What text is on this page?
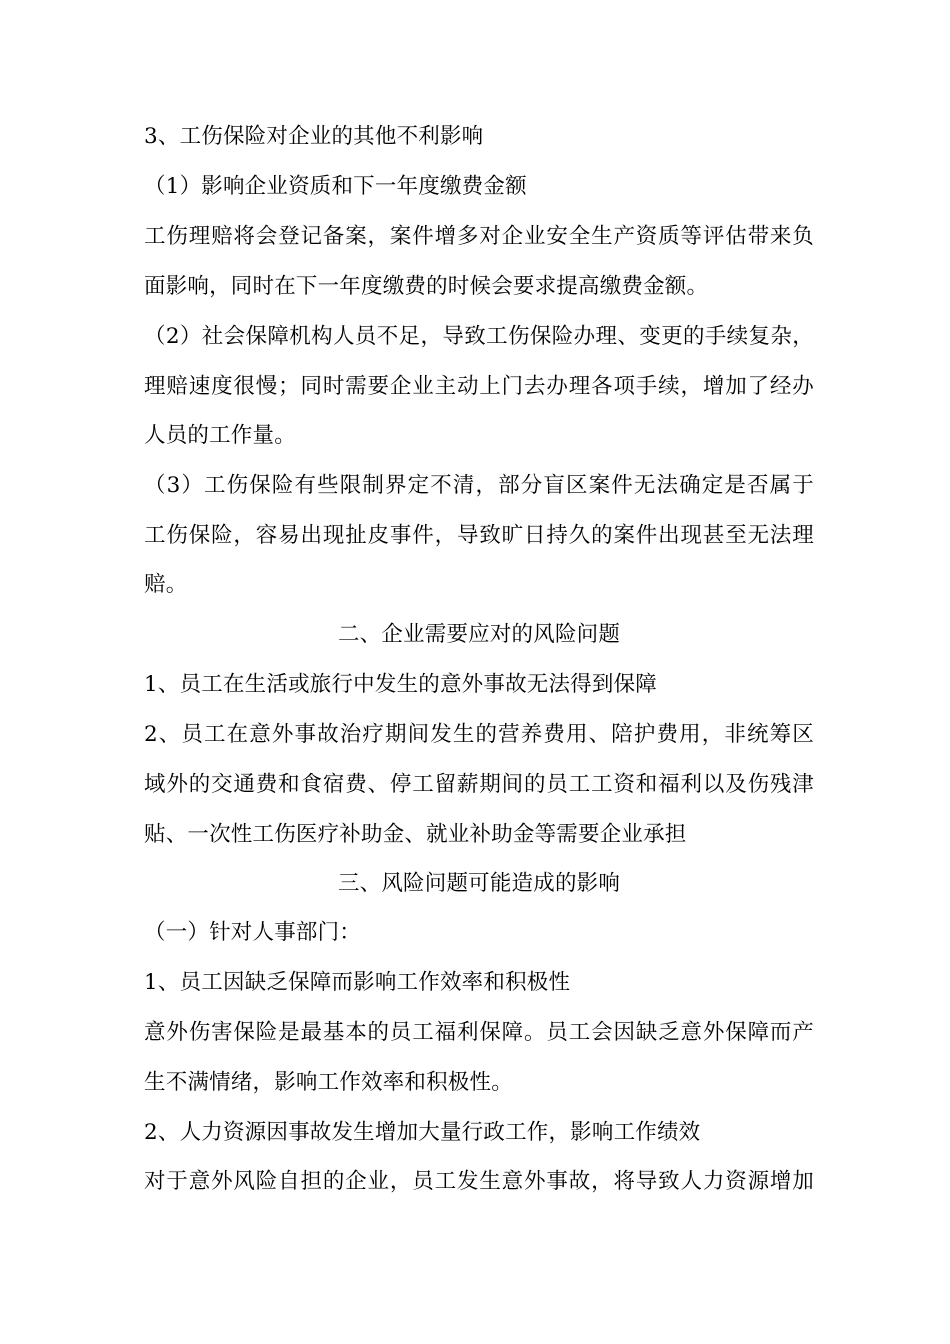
3、工伤保险对企业的其他不利影响
（1）影响企业资质和下一年度缴费金额
工伤理赔将会登记备案，案件增多对企业安全生产资质等评估带来负
面影响，同时在下一年度缴费的时候会要求提高缴费金额。
（2）社会保障机构人员不足，导致工伤保险办理、变更的手续复杂，
理赔速度很慢；同时需要企业主动上门去办理各项手续，增加了经办
人员的工作量。
（3）工伤保险有些限制界定不清，部分盲区案件无法确定是否属于
工伤保险，容易出现扯皮事件，导致旷日持久的案件出现甚至无法理
赔。
二、企业需要应对的风险问题
1、员工在生活或旅行中发生的意外事故无法得到保障
2、员工在意外事故治疗期间发生的营养费用、陪护费用，非统筹区
域外的交通费和食宿费、停工留薪期间的员工工资和福利以及伤残津
贴、一次性工伤医疗补助金、就业补助金等需要企业承担
三、风险问题可能造成的影响
（一）针对人事部门：
1、员工因缺乏保障而影响工作效率和积极性
意外伤害保险是最基本的员工福利保障。员工会因缺乏意外保障而产
生不满情绪，影响工作效率和积极性。
2、人力资源因事故发生增加大量行政工作，影响工作绩效
对于意外风险自担的企业，员工发生意外事故，将导致人力资源增加
